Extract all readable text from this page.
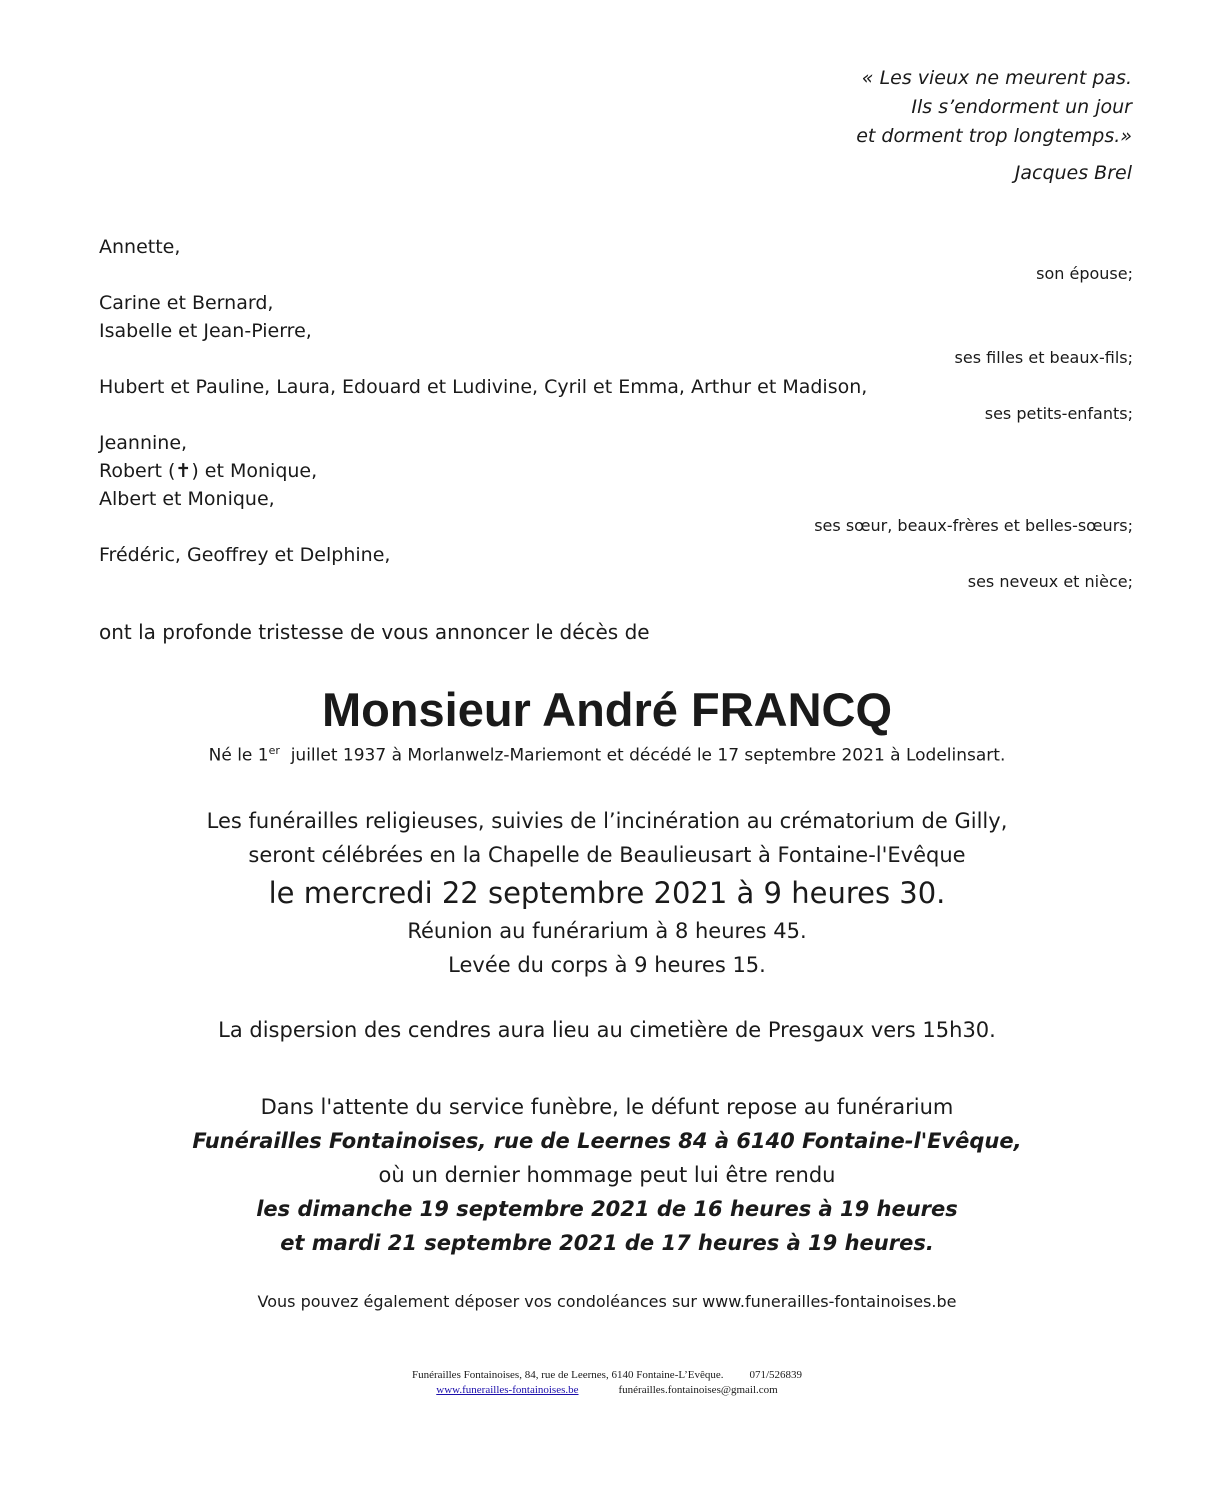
« Les vieux ne meurent pas.
Ils s’endorment un jour
et dorment trop longtemps.»
Jacques Brel
Annette,
son épouse;
Carine et Bernard,
Isabelle et Jean-Pierre,
ses filles et beaux-fils;
Hubert et Pauline, Laura, Edouard et Ludivine, Cyril et Emma, Arthur et Madison,
ses petits-enfants;
Jeannine,
Robert (✝) et Monique,
Albert et Monique,
ses sœur, beaux-frères et belles-sœurs;
Frédéric, Geoffrey et Delphine,
ses neveux et nièce;
ont la profonde tristesse de vous annoncer le décès de
Monsieur André FRANCQ
Né le 1er  juillet 1937 à Morlanwelz-Mariemont et décédé le 17 septembre 2021 à Lodelinsart.
Les funérailles religieuses, suivies de l’incinération au crématorium de Gilly,
seront célébrées en la Chapelle de Beaulieusart à Fontaine-l'Evêque
le mercredi 22 septembre 2021 à 9 heures 30.
Réunion au funérarium à 8 heures 45.
Levée du corps à 9 heures 15.
La dispersion des cendres aura lieu au cimetière de Presgaux vers 15h30.
Dans l'attente du service funèbre, le défunt repose au funérarium
Funérailles Fontainoises, rue de Leernes 84 à 6140 Fontaine-l'Evêque,
où un dernier hommage peut lui être rendu
les dimanche 19 septembre 2021 de 16 heures à 19 heures
et mardi 21 septembre 2021 de 17 heures à 19 heures.
Vous pouvez également déposer vos condoléances sur www.funerailles-fontainoises.be
Funérailles Fontainoises, 84, rue de Leernes, 6140 Fontaine-L’Evêque. 071/526839
www.funerailles-fontainoises.be	funérailles.fontainoises@gmail.com
